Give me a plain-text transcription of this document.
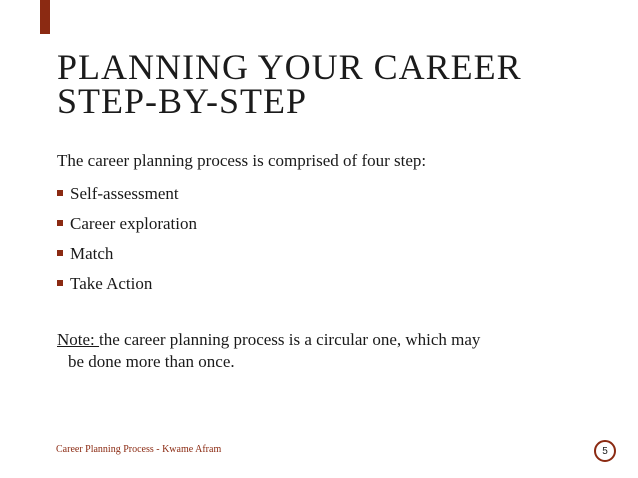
PLANNING YOUR CAREER
STEP-BY-STEP
The career planning process is comprised of four step:
Self-assessment
Career exploration
Match
Take Action
Note: the career planning process is a circular one, which may
be done more than once.
Career Planning Process - Kwame Afram	5
